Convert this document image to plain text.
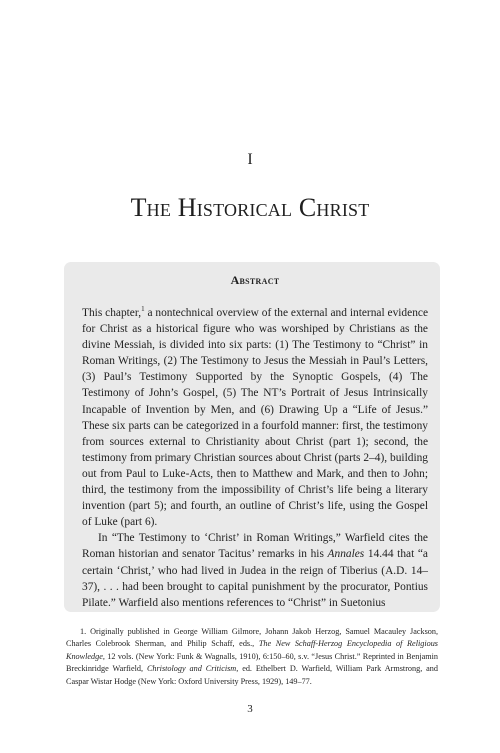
I
The Historical Christ
Abstract

This chapter,$^1$ a nontechnical overview of the external and internal evidence for Christ as a historical figure who was worshiped by Christians as the divine Messiah, is divided into six parts: (1) The Testimony to “Christ” in Roman Writings, (2) The Testimony to Jesus the Messiah in Paul’s Letters, (3) Paul’s Testimony Supported by the Synoptic Gospels, (4) The Testimony of John’s Gospel, (5) The NT’s Portrait of Jesus Intrinsically Incapable of Invention by Men, and (6) Drawing Up a “Life of Jesus.” These six parts can be categorized in a fourfold manner: first, the testimony from sources external to Christianity about Christ (part 1); second, the testimony from primary Christian sources about Christ (parts 2–4), building out from Paul to Luke-Acts, then to Matthew and Mark, and then to John; third, the testimony from the impossibility of Christ’s life being a literary invention (part 5); and fourth, an outline of Christ’s life, using the Gospel of Luke (part 6).

In “The Testimony to ‘Christ’ in Roman Writings,” Warfield cites the Roman historian and senator Tacitus’ remarks in his Annales 14.44 that “a certain ‘Christ,’ who had lived in Judea in the reign of Tiberius (A.D. 14–37), . . . had been brought to capital punishment by the procurator, Pontius Pilate.” Warfield also mentions references to “Christ” in Suetonius

1. Originally published in George William Gilmore, Johann Jakob Herzog, Samuel Macauley Jackson, Charles Colebrook Sherman, and Philip Schaff, eds., The New Schaff-Herzog Encyclopedia of Religious Knowledge, 12 vols. (New York: Funk & Wagnalls, 1910), 6:150–60, s.v. “Jesus Christ.” Reprinted in Benjamin Breckinridge Warfield, Christology and Criticism, ed. Ethelbert D. Warfield, William Park Armstrong, and Caspar Wistar Hodge (New York: Oxford University Press, 1929), 149–77.

3
